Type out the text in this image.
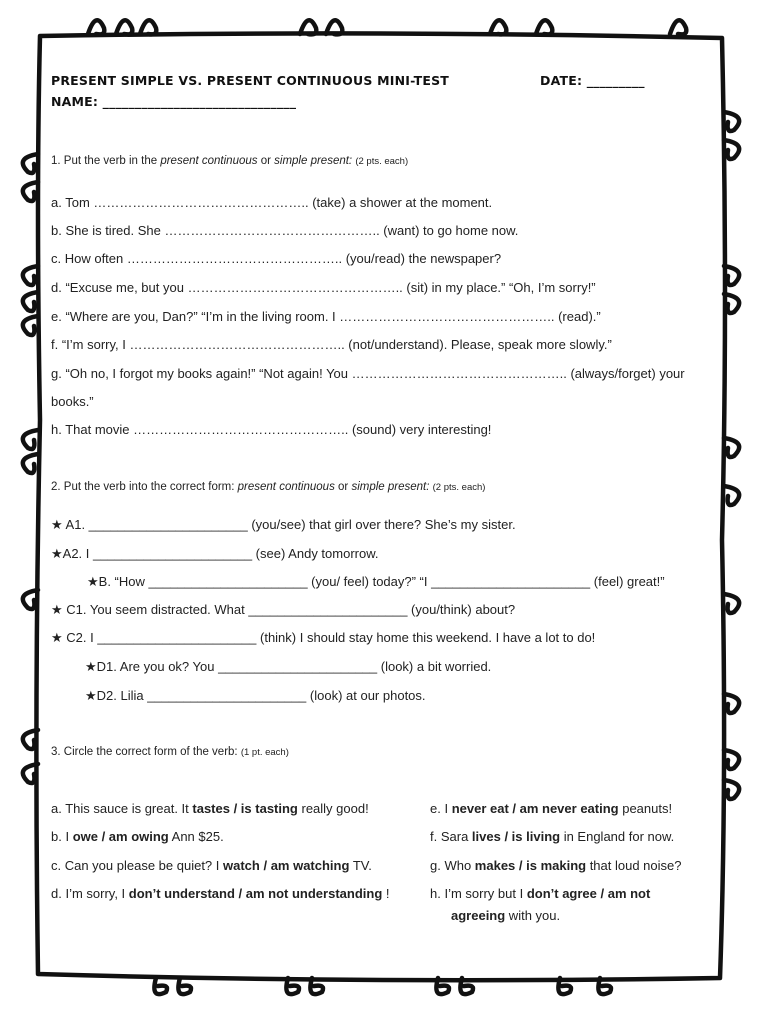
PRESENT SIMPLE VS. PRESENT CONTINUOUS MINI-TEST	DATE: _________
NAME: ______________________________
1. Put the verb in the present continuous or simple present: (2 pts. each)
a. Tom ………………………………………….. (take) a shower at the moment.
b. She is tired. She ………………………………………….. (want) to go home now.
c. How often ………………………………………….. (you/read) the newspaper?
d. “Excuse me, but you ………………………………………….. (sit) in my place.” “Oh, I’m sorry!”
e. “Where are you, Dan?” “I’m in the living room. I ………………………………………….. (read).”
f. “I’m sorry, I ………………………………………….. (not/understand). Please, speak more slowly.”
g. “Oh no, I forgot my books again!” “Not again! You ………………………………………….. (always/forget) your
books.”
h. That movie ………………………………………….. (sound) very interesting!
2. Put the verb into the correct form: present continuous or simple present: (2 pts. each)
★ A1. ______________________ (you/see) that girl over there? She’s my sister.
★A2. I ______________________ (see) Andy tomorrow.
★B. “How ______________________ (you/ feel) today?” “I ______________________ (feel) great!”
★ C1. You seem distracted. What ______________________ (you/think) about?
★ C2. I ______________________ (think) I should stay home this weekend. I have a lot to do!
★D1. Are you ok? You ______________________ (look) a bit worried.
★D2. Lilia ______________________ (look) at our photos.
3. Circle the correct form of the verb: (1 pt. each)
a. This sauce is great. It tastes / is tasting really good!
b. I owe / am owing Ann $25.
c. Can you please be quiet? I watch / am watching TV.
d. I’m sorry, I don’t understand / am not understanding !
e. I never eat / am never eating peanuts!
f. Sara lives / is living in England for now.
g. Who makes / is making that loud noise?
h. I’m sorry but I don’t agree / am not
agreeing with you.
